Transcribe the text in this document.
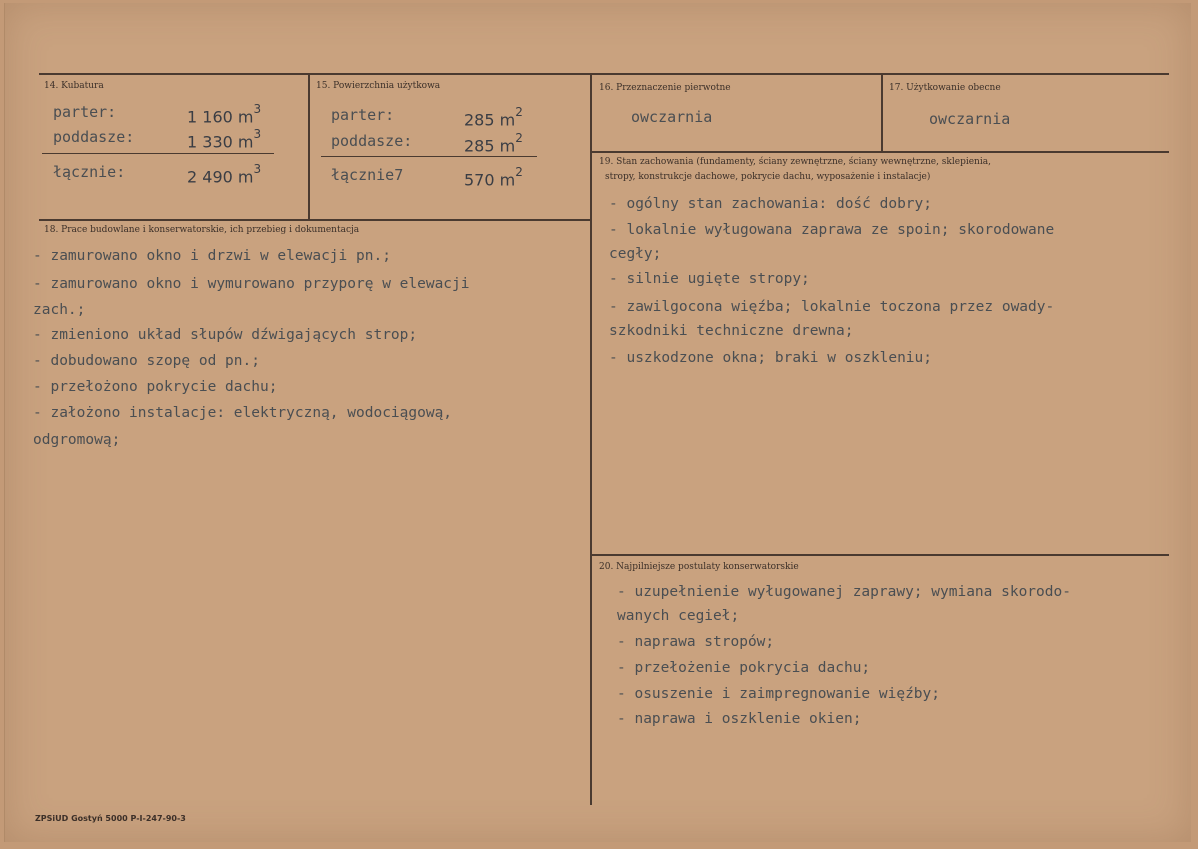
14. Kubatura
parter:	1 160 $m^3$
poddasze:	1 330 $m^3$
łącznie:	2 490 $m^3$
15. Powierzchnia użytkowa
parter:	285 $m^2$
poddasze:	285 $m^2$
łącznie7	570 $m^2$
16. Przeznaczenie pierwotne
owczarnia
17. Użytkowanie obecne
owczarnia
18. Prace budowlane i konserwatorskie, ich przebieg i dokumentacja
- zamurowano okno i drzwi w elewacji pn.;
- zamurowano okno i wymurowano przyporę w elewacji
zach.;
- zmieniono układ słupów dźwigających strop;
- dobudowano szopę od pn.;
- przełożono pokrycie dachu;
- założono instalacje: elektryczną, wodociągową,
odgromową;
19. Stan zachowania (fundamenty, ściany zewnętrzne, ściany wewnętrzne, sklepienia,
stropy, konstrukcje dachowe, pokrycie dachu, wyposażenie i instalacje)
- ogólny stan zachowania: dość dobry;
- lokalnie wyługowana zaprawa ze spoin; skorodowane
cegły;
- silnie ugięte stropy;
- zawilgocona więźba; lokalnie toczona przez owady-
szkodniki techniczne drewna;
- uszkodzone okna; braki w oszkleniu;
20. Najpilniejsze postulaty konserwatorskie
- uzupełnienie wyługowanej zaprawy; wymiana skorodo-
wanych cegieł;
- naprawa stropów;
- przełożenie pokrycia dachu;
- osuszenie i zaimpregnowanie więźby;
- naprawa i oszklenie okien;
ZPSiUD Gostyń 5000 P-I-247-90-3
